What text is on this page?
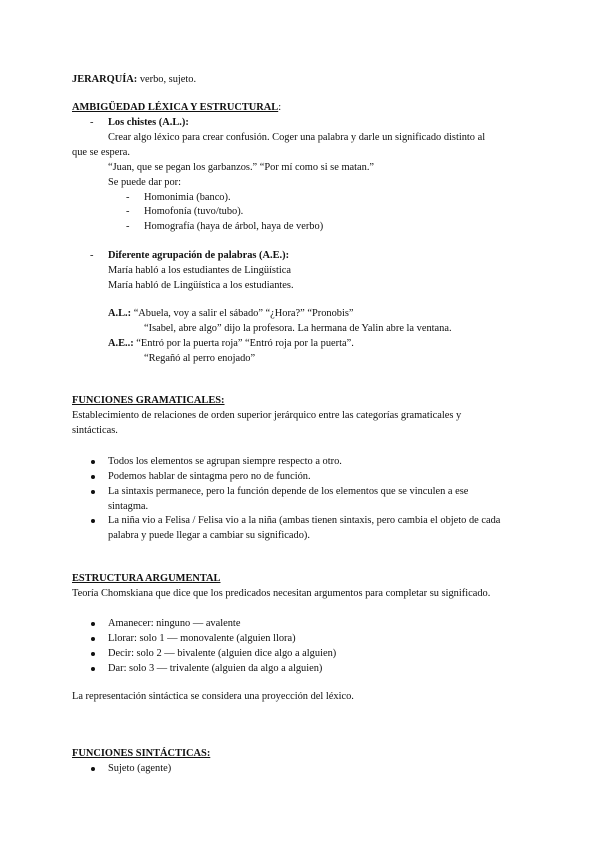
JERARQUÍA: verbo, sujeto.
AMBIGÜEDAD LÉXICA Y ESTRUCTURAL:
- Los chistes (A.L.):
Crear algo léxico para crear confusión. Coger una palabra y darle un significado distinto al
que se espera.
“Juan, que se pegan los garbanzos.” “Por mí como si se matan.”
Se puede dar por:
- Homonimia (banco).
- Homofonía (tuvo/tubo).
- Homografía (haya de árbol, haya de verbo)
- Diferente agrupación de palabras (A.E.):
María habló a los estudiantes de Lingüística
María habló de Lingüística a los estudiantes.
A.L.: “Abuela, voy a salir el sábado” “¿Hora?” “Pronobis”
“Isabel, abre algo” dijo la profesora. La hermana de Yalin abre la ventana.
A.E..: “Entró por la puerta roja” “Entró roja por la puerta”.
“Regañó al perro enojado”
FUNCIONES GRAMATICALES:
Establecimiento de relaciones de orden superior jerárquico entre las categorías gramaticales y
sintácticas.
Todos los elementos se agrupan siempre respecto a otro.
Podemos hablar de sintagma pero no de función.
La sintaxis permanece, pero la función depende de los elementos que se vinculen a ese
sintagma.
La niña vio a Felisa / Felisa vio a la niña (ambas tienen sintaxis, pero cambia el objeto de cada
palabra y puede llegar a cambiar su significado).
ESTRUCTURA ARGUMENTAL
Teoría Chomskiana que dice que los predicados necesitan argumentos para completar su significado.
Amanecer: ninguno — avalente
Llorar: solo 1 — monovalente (alguien llora)
Decir: solo 2 — bivalente (alguien dice algo a alguien)
Dar: solo 3 — trivalente (alguien da algo a alguien)
La representación sintáctica se considera una proyección del léxico.
FUNCIONES SINTÁCTICAS:
Sujeto (agente)
